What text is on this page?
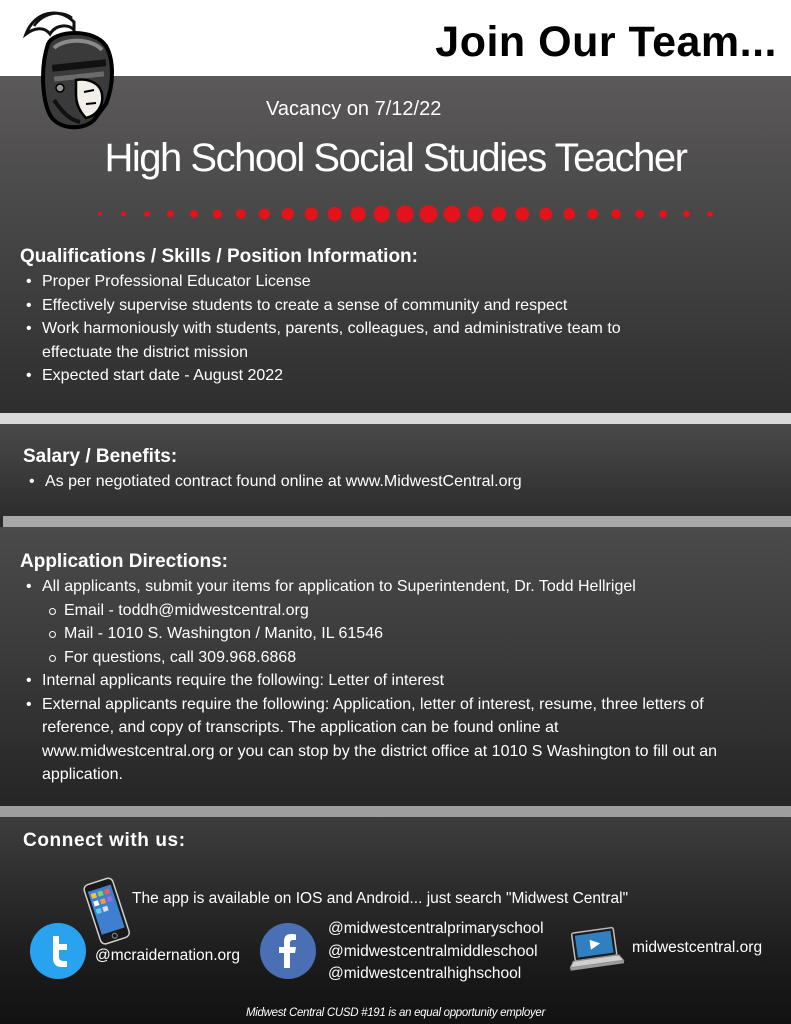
Join Our Team...
Vacancy on 7/12/22
High School Social Studies Teacher
Qualifications / Skills / Position Information:
• Proper Professional Educator License
• Effectively supervise students to create a sense of community and respect
• Work harmoniously with students, parents, colleagues, and administrative team to effectuate the district mission
• Expected start date - August 2022
Salary / Benefits:
• As per negotiated contract found online at www.MidwestCentral.org
Application Directions:
• All applicants, submit your items for application to Superintendent, Dr. Todd Hellrigel
Email - toddh@midwestcentral.org
Mail - 1010 S. Washington / Manito, IL 61546
For questions, call 309.968.6868
• Internal applicants require the following: Letter of interest
• External applicants require the following: Application, letter of interest, resume, three letters of reference, and copy of transcripts. The application can be found online at www.midwestcentral.org or you can stop by the district office at 1010 S Washington to fill out an application.
Connect with us:
The app is available on IOS and Android... just search "Midwest Central"
@mcraidernation.org
@midwestcentralprimaryschool
@midwestcentralmiddleschool
@midwestcentralhighschool
midwestcentral.org
Midwest Central CUSD #191 is an equal opportunity employer
